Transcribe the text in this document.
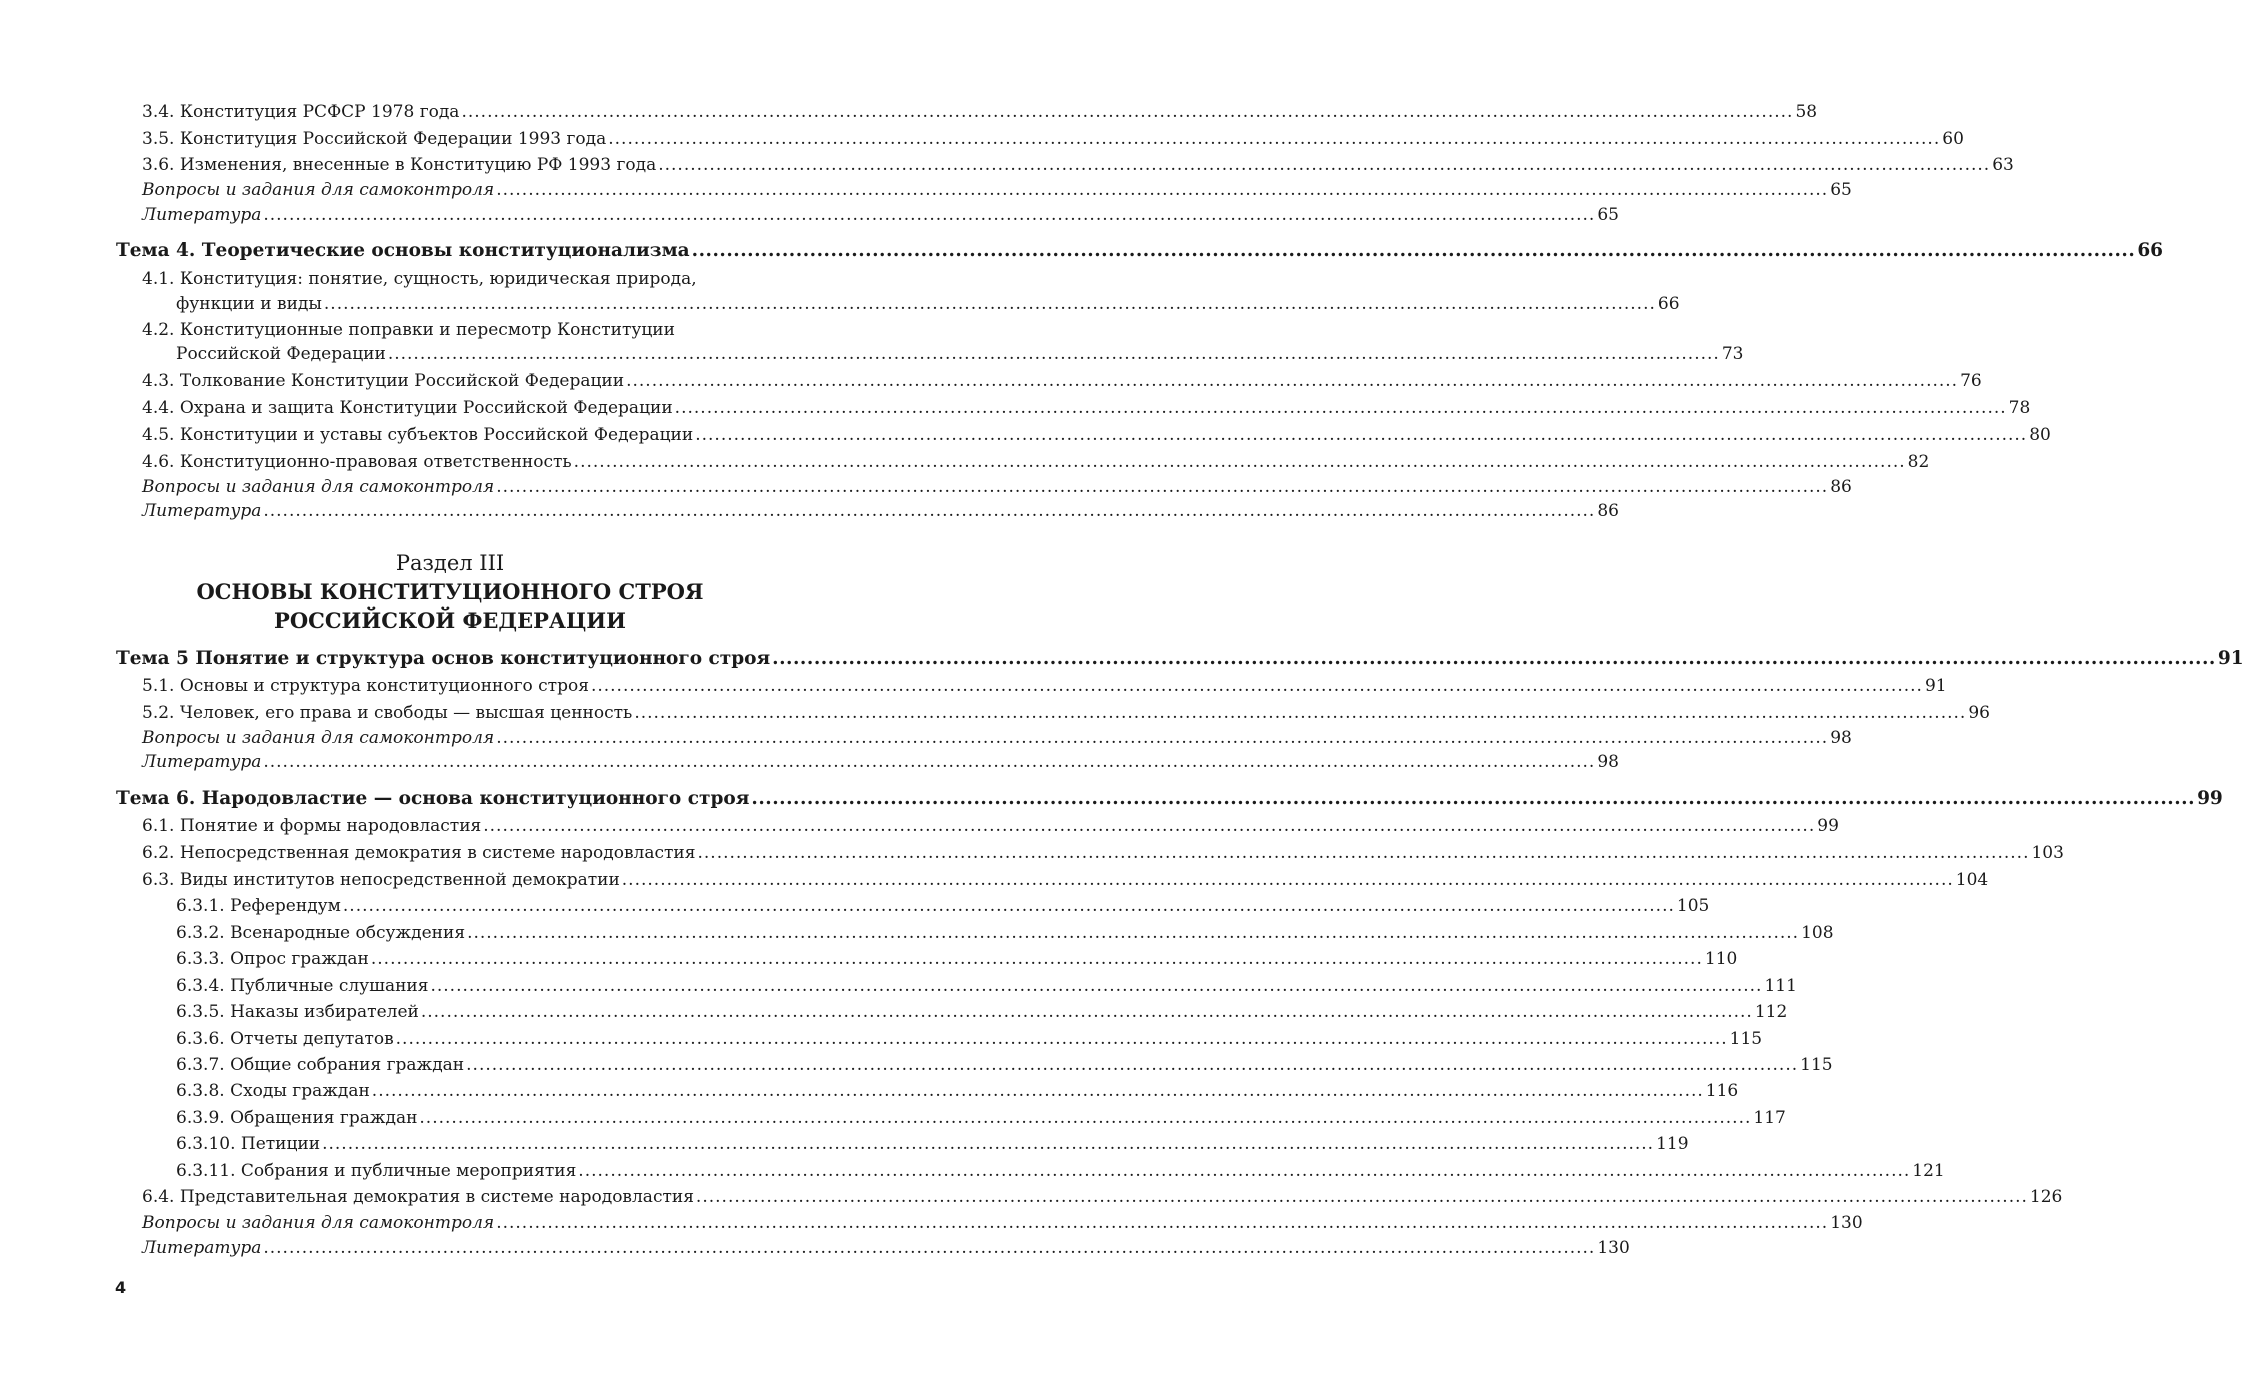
3.4. Конституция РСФСР 1978 года .....	58
3.5. Конституция Российской Федерации 1993 года .....	60
3.6. Изменения, внесенные в Конституцию РФ 1993 года .....	63
Вопросы и задания для самоконтроля .....	65
Литература .....	65
Тема 4. Теоретические основы конституционализма .....	66
4.1. Конституция: понятие, сущность, юридическая природа,
функции и виды .....	66
4.2. Конституционные поправки и пересмотр Конституции
Российской Федерации .....	73
4.3. Толкование Конституции Российской Федерации .....	76
4.4. Охрана и защита Конституции Российской Федерации .....	78
4.5. Конституции и уставы субъектов Российской Федерации .....	80
4.6. Конституционно-правовая ответственность .....	82
Вопросы и задания для самоконтроля .....	86
Литература .....	86
Раздел III
ОСНОВЫ КОНСТИТУЦИОННОГО СТРОЯ
РОССИЙСКОЙ ФЕДЕРАЦИИ
Тема 5 Понятие и структура основ конституционного строя .....	91
5.1. Основы и структура конституционного строя .....	91
5.2. Человек, его права и свободы — высшая ценность .....	96
Вопросы и задания для самоконтроля .....	98
Литература .....	98
Тема 6. Народовластие — основа конституционного строя .....	99
6.1. Понятие и формы народовластия .....	99
6.2. Непосредственная демократия в системе народовластия .....	103
6.3. Виды институтов непосредственной демократии .....	104
6.3.1. Референдум .....	105
6.3.2. Всенародные обсуждения .....	108
6.3.3. Опрос граждан .....	110
6.3.4. Публичные слушания .....	111
6.3.5. Наказы избирателей .....	112
6.3.6. Отчеты депутатов .....	115
6.3.7. Общие собрания граждан .....	115
6.3.8. Сходы граждан .....	116
6.3.9. Обращения граждан .....	117
6.3.10. Петиции .....	119
6.3.11. Собрания и публичные мероприятия .....	121
6.4. Представительная демократия в системе народовластия .....	126
Вопросы и задания для самоконтроля .....	130
Литература .....	130
4
